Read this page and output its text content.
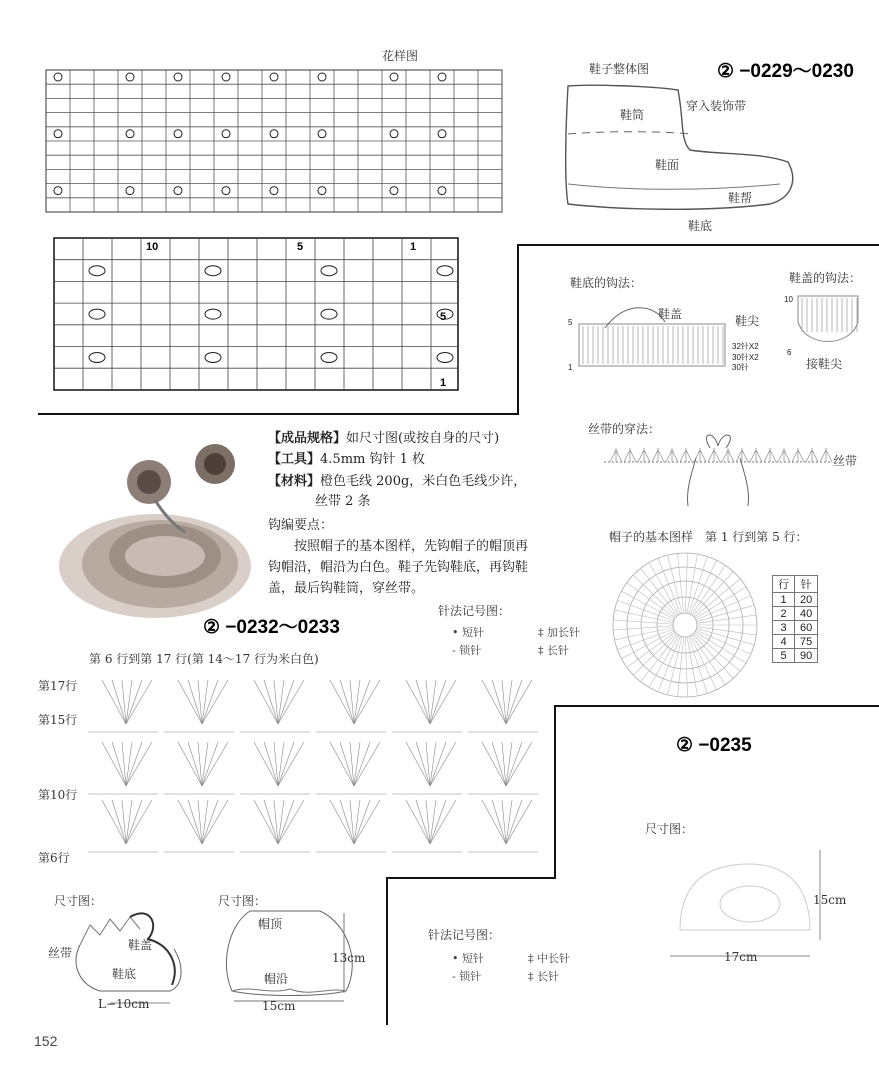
花样图
10	5	1
5
1
鞋子整体图	② −0229～0230
鞋筒
穿入装饰带
鞋面
鞋帮
鞋底
鞋底的钩法：
鞋盖	鞋尖
5
1
32针X2
30针X2
30针
鞋盖的钩法：
10
6
接鞋尖
丝带的穿法：
丝带
【成品规格】如尺寸图(或按自身的尺寸)
【工具】4.5mm 钩针 1 枚
【材料】橙色毛线 200g，米白色毛线少许，
丝带 2 条
钩编要点：
按照帽子的基本图样，先钩帽子的帽顶再
钩帽沿，帽沿为白色。鞋子先钩鞋底，再钩鞋
盖，最后钩鞋筒，穿丝带。
② −0232～0233
针法记号图：
• 短针	‡ 加长针
- 锁针	‡ 长针
帽子的基本图样　第 1 行到第 5 行：
行	针
1	20
2	40
3	60
4	75
5	90
第 6 行到第 17 行(第 14～17 行为米白色)
第17行
第15行
第10行
第6行
② −0235
尺寸图：
丝带
鞋盖
鞋底
L−10cm
尺寸图：
帽顶
帽沿
13cm
15cm
针法记号图：
• 短针	‡ 中长针
- 锁针	‡ 长针
尺寸图：
15cm
17cm
152
